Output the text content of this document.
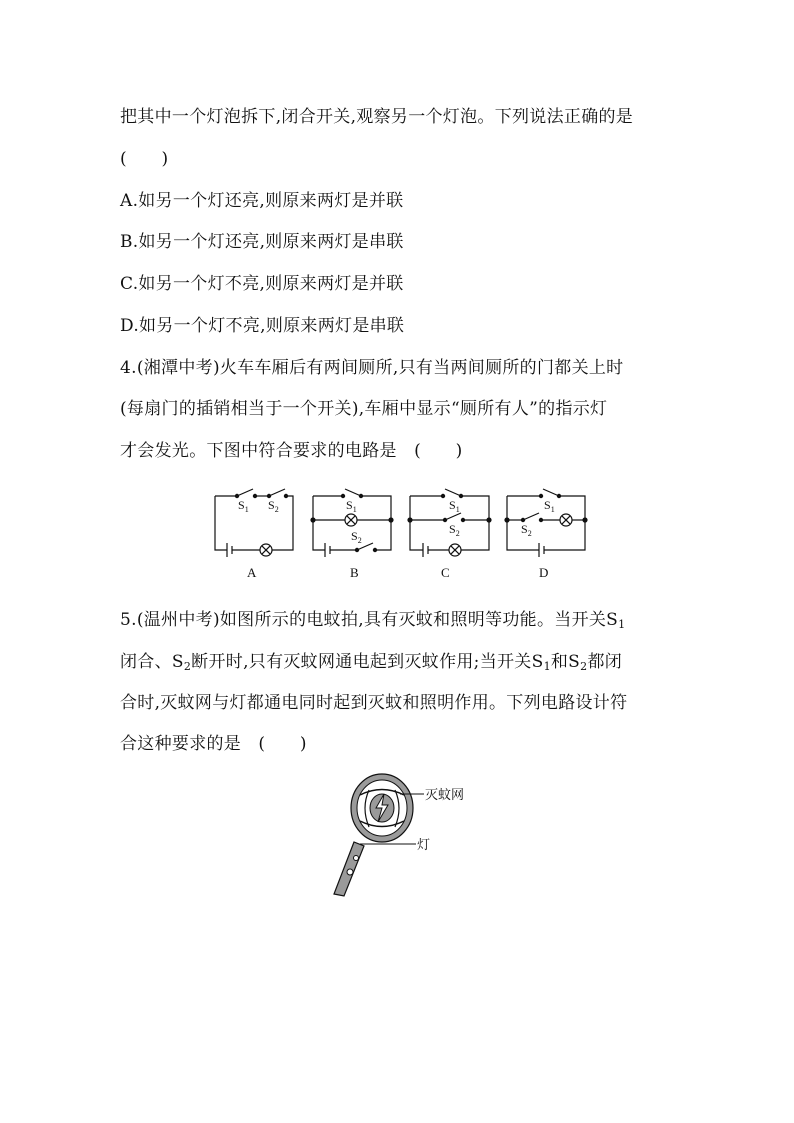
把其中一个灯泡拆下,闭合开关,观察另一个灯泡。下列说法正确的是
(　　)
A.如另一个灯还亮,则原来两灯是并联
B.如另一个灯还亮,则原来两灯是串联
C.如另一个灯不亮,则原来两灯是并联
D.如另一个灯不亮,则原来两灯是串联
4.(湘潭中考)火车车厢后有两间厕所,只有当两间厕所的门都关上时
(每扇门的插销相当于一个开关),车厢中显示“厕所有人”的指示灯
才会发光。下图中符合要求的电路是　(　　)
$S_1$ $S_2$	$S_1$
$S_2$
$S_1$
$S_2$
$S_1$
$S_2$
A	B	C	D
5.(温州中考)如图所示的电蚊拍,具有灭蚊和照明等功能。当开关$S_1$
闭合、$S_2$断开时,只有灭蚊网通电起到灭蚊作用;当开关$S_1$和$S_2$都闭
合时,灭蚊网与灯都通电同时起到灭蚊和照明作用。下列电路设计符
合这种要求的是　(　　)
灭蚊网
灯
